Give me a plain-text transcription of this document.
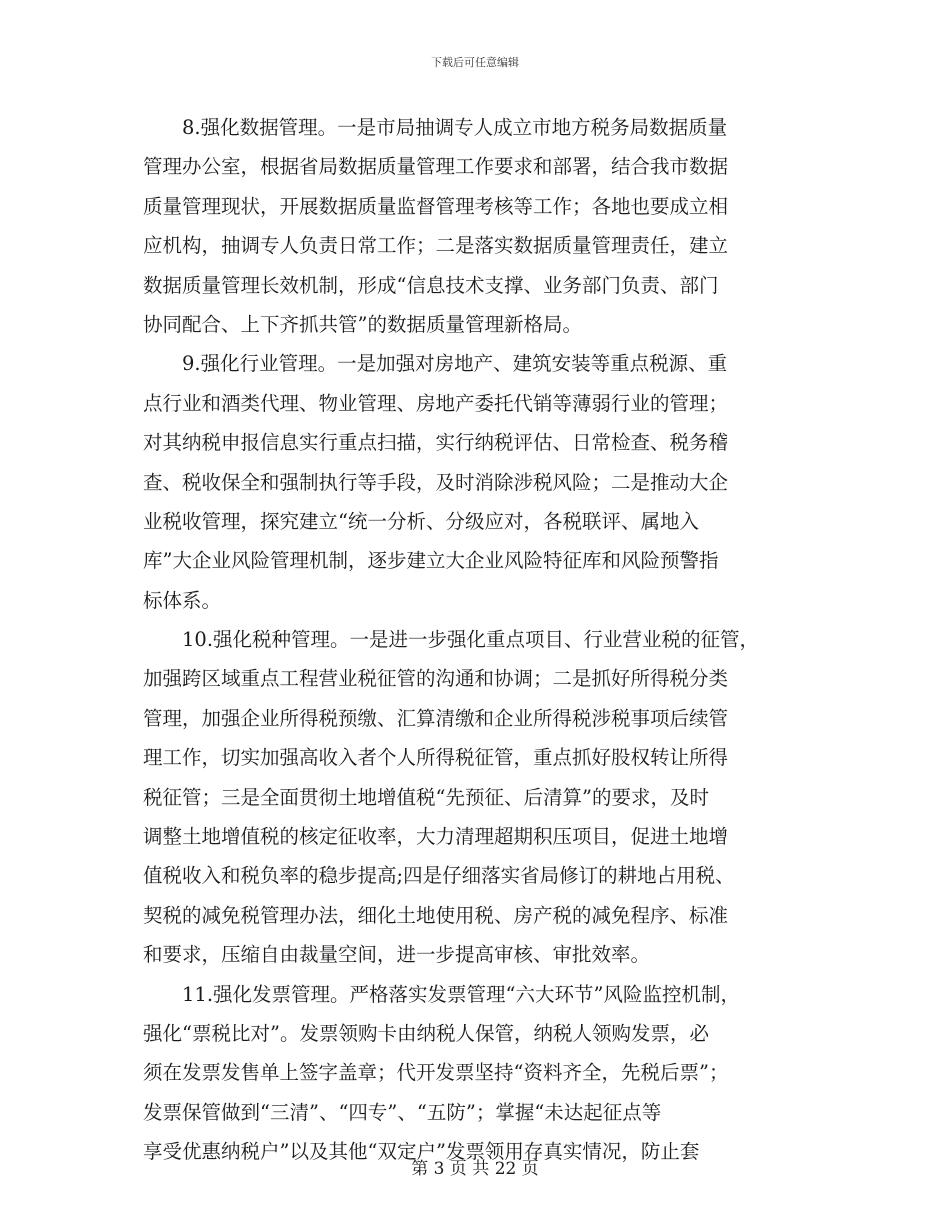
下载后可任意编辑
8.强化数据管理。一是市局抽调专人成立市地方税务局数据质量
管理办公室，根据省局数据质量管理工作要求和部署，结合我市数据
质量管理现状，开展数据质量监督管理考核等工作；各地也要成立相
应机构，抽调专人负责日常工作；二是落实数据质量管理责任，建立
数据质量管理长效机制，形成“信息技术支撑、业务部门负责、部门
协同配合、上下齐抓共管”的数据质量管理新格局。
9.强化行业管理。一是加强对房地产、建筑安装等重点税源、重
点行业和酒类代理、物业管理、房地产委托代销等薄弱行业的管理；
对其纳税申报信息实行重点扫描，实行纳税评估、日常检查、税务稽
查、税收保全和强制执行等手段，及时消除涉税风险；二是推动大企
业税收管理，探究建立“统一分析、分级应对，各税联评、属地入
库”大企业风险管理机制，逐步建立大企业风险特征库和风险预警指
标体系。
10.强化税种管理。一是进一步强化重点项目、行业营业税的征管，
加强跨区域重点工程营业税征管的沟通和协调；二是抓好所得税分类
管理，加强企业所得税预缴、汇算清缴和企业所得税涉税事项后续管
理工作，切实加强高收入者个人所得税征管，重点抓好股权转让所得
税征管；三是全面贯彻土地增值税“先预征、后清算”的要求，及时
调整土地增值税的核定征收率，大力清理超期积压项目，促进土地增
值税收入和税负率的稳步提高;四是仔细落实省局修订的耕地占用税、
契税的减免税管理办法，细化土地使用税、房产税的减免程序、标准
和要求，压缩自由裁量空间，进一步提高审核、审批效率。
11.强化发票管理。严格落实发票管理“六大环节”风险监控机制，
强化“票税比对”。发票领购卡由纳税人保管，纳税人领购发票，必
须在发票发售单上签字盖章；代开发票坚持“资料齐全，先税后票”；
发票保管做到“三清”、“四专”、“五防”；掌握“未达起征点等
享受优惠纳税户”以及其他“双定户”发票领用存真实情况，防止套
第 3 页 共 22 页
